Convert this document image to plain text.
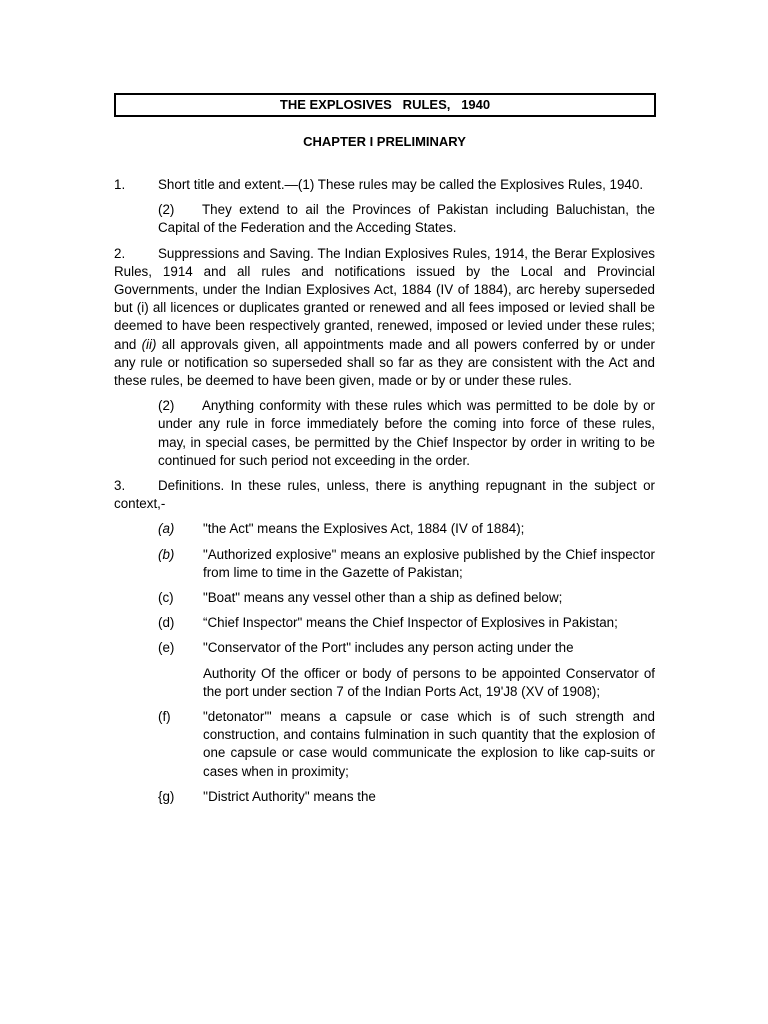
THE EXPLOSIVES   RULES,   1940
CHAPTER I PRELIMINARY

1. Short title and extent.—(1) These rules may be called the Explosives Rules, 1940.

(2) They extend to ail the Provinces of Pakistan including Baluchistan, the Capital of the Federation and the Acceding States.

2. Suppressions and Saving. The Indian Explosives Rules, 1914, the Berar Explosives Rules, 1914 and all rules and notifications issued by the Local and Provincial Governments, under the Indian Explosives Act, 1884 (IV of 1884), arc hereby superseded but (i) all licences or duplicates granted or renewed and all fees imposed or levied shall be deemed to have been respectively granted, renewed, imposed or levied under these rules; and (ii) all approvals given, all appointments made and all powers conferred by or under any rule or notification so superseded shall so far as they are consistent with the Act and these rules, be deemed to have been given, made or by or under these rules.

(2) Anything conformity with these rules which was permitted to be dole by or under any rule in force immediately before the coming into force of these rules, may, in special cases, be permitted by the Chief Inspector by order in writing to be continued for such period not exceeding in the order.

3. Definitions. In these rules, unless, there is anything repugnant in the subject or context,-

(a)	"the Act" means the Explosives Act, 1884 (IV of 1884);
(b)	"Authorized explosive" means an explosive published by the Chief inspector from lime to time in the Gazette of Pakistan;
(c)	"Boat" means any vessel other than a ship as defined below;
(d)	“Chief Inspector" means the Chief Inspector of Explosives in Pakistan;
(e)	"Conservator of the Port" includes any person acting under the
Authority Of the officer or body of persons to be appointed Conservator of the port under section 7 of the Indian Ports Act, 19'J8 (XV of 1908);
(f)	"detonator'" means a capsule or case which is of such strength and construction, and contains fulmination in such quantity that the explosion of one capsule or case would communicate the explosion to like cap-suits or cases when in proximity;
{g)	''District Authority" means the
